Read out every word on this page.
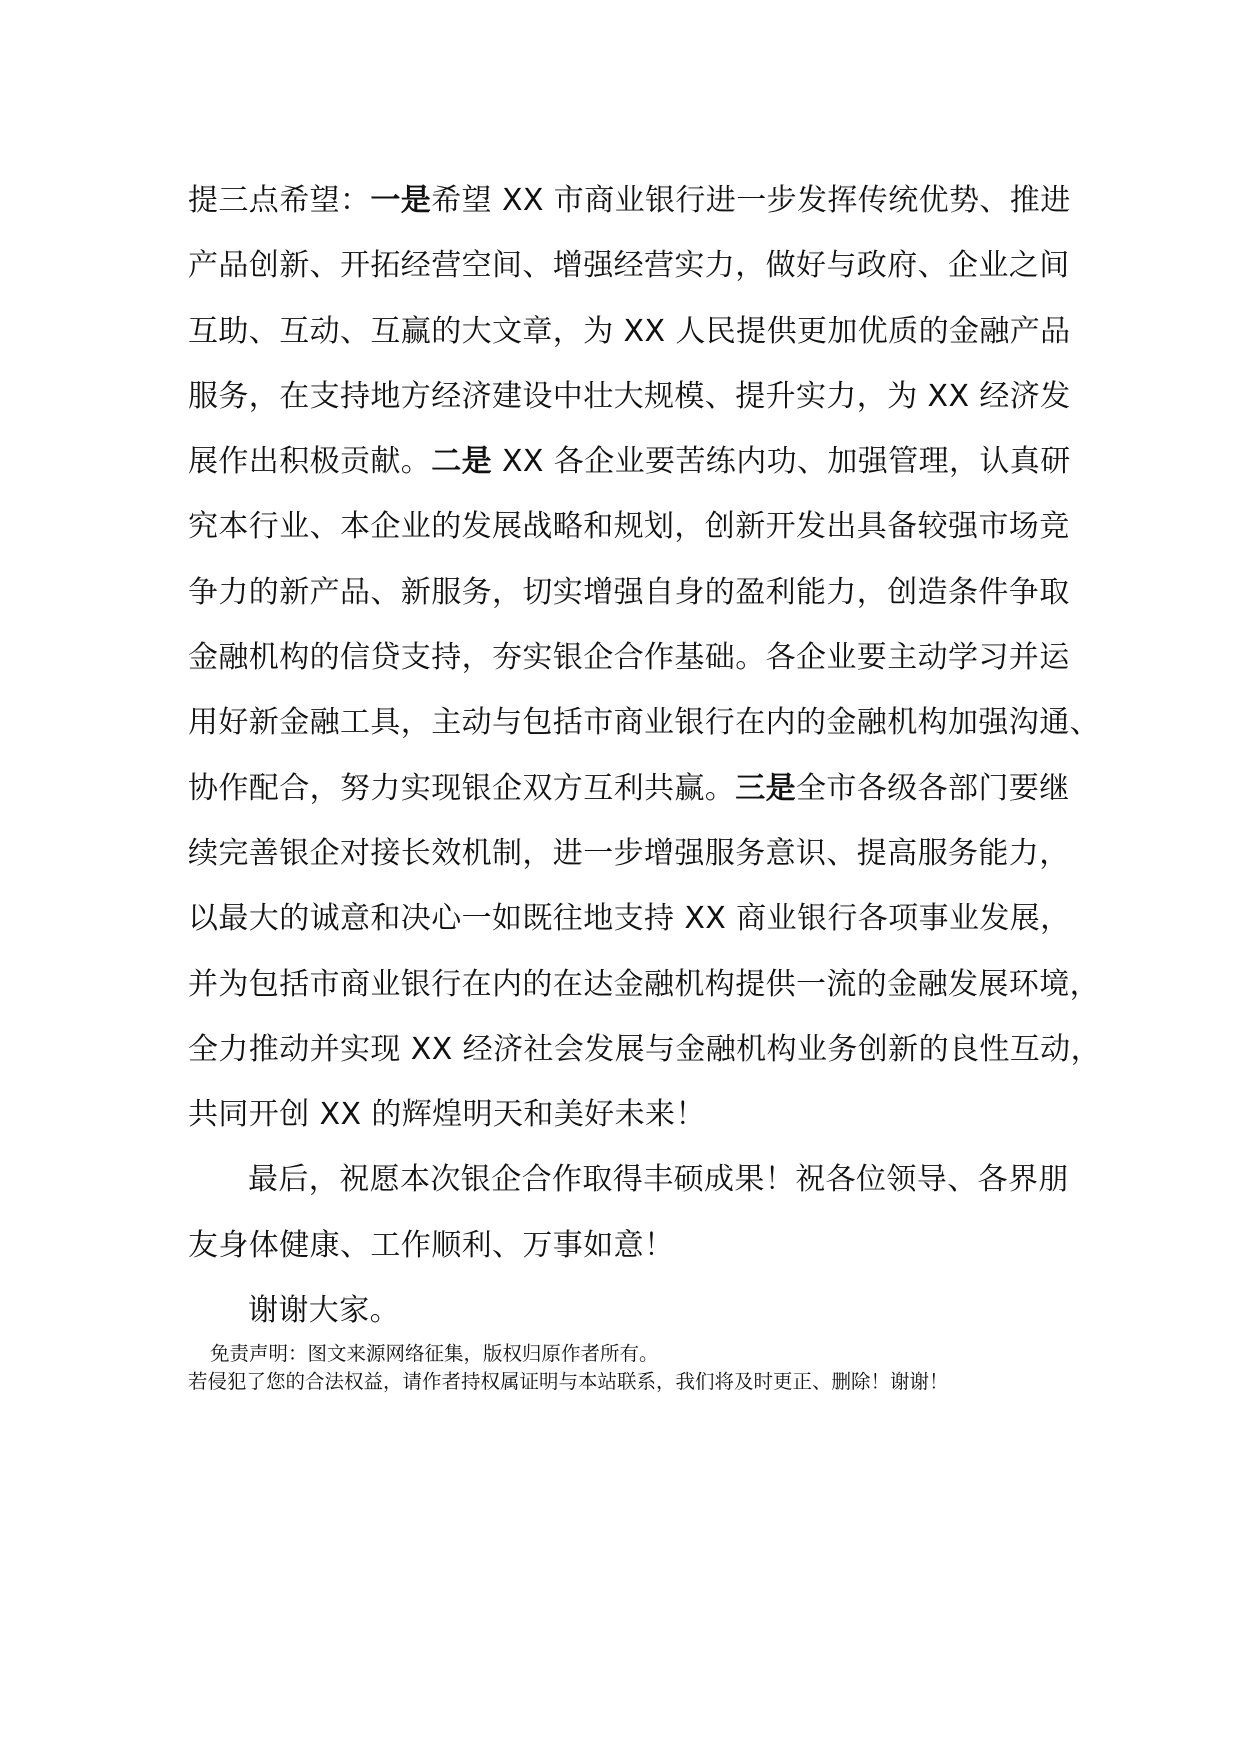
提三点希望：一是希望 XX 市商业银行进一步发挥传统优势、推进
产品创新、开拓经营空间、增强经营实力，做好与政府、企业之间
互助、互动、互赢的大文章，为 XX 人民提供更加优质的金融产品
服务，在支持地方经济建设中壮大规模、提升实力，为 XX 经济发
展作出积极贡献。二是 XX 各企业要苦练内功、加强管理，认真研
究本行业、本企业的发展战略和规划，创新开发出具备较强市场竞
争力的新产品、新服务，切实增强自身的盈利能力，创造条件争取
金融机构的信贷支持，夯实银企合作基础。各企业要主动学习并运
用好新金融工具，主动与包括市商业银行在内的金融机构加强沟通、
协作配合，努力实现银企双方互利共赢。三是全市各级各部门要继
续完善银企对接长效机制，进一步增强服务意识、提高服务能力，
以最大的诚意和决心一如既往地支持 XX 商业银行各项事业发展，
并为包括市商业银行在内的在达金融机构提供一流的金融发展环境，
全力推动并实现 XX 经济社会发展与金融机构业务创新的良性互动，
共同开创 XX 的辉煌明天和美好未来！
最后，祝愿本次银企合作取得丰硕成果！祝各位领导、各界朋
友身体健康、工作顺利、万事如意！
谢谢大家。
免责声明：图文来源网络征集，版权归原作者所有。
若侵犯了您的合法权益，请作者持权属证明与本站联系，我们将及时更正、删除！谢谢！
